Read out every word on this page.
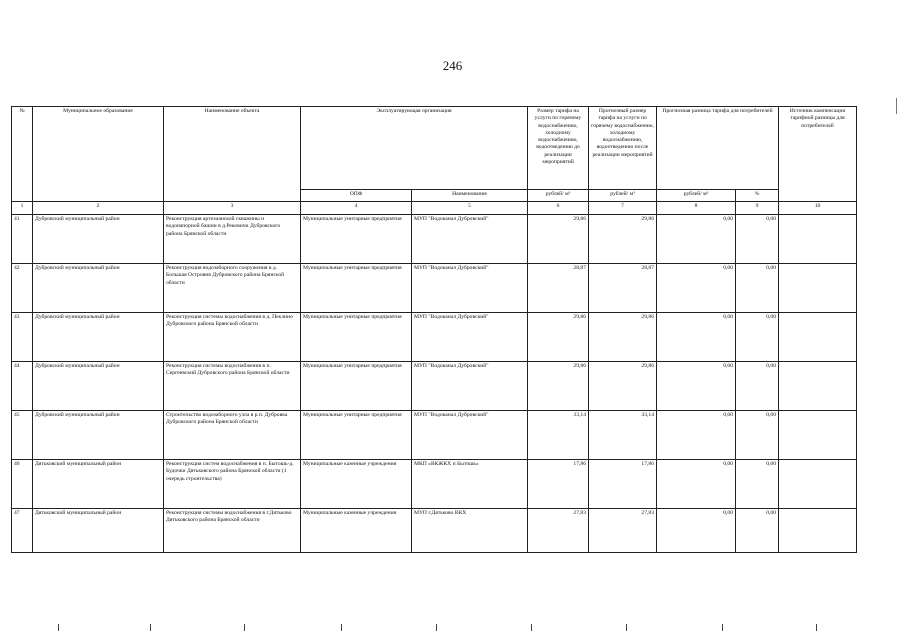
246
№	Муниципальное образование	Наименование объекта	Эксплуатирующая организация		Размер тарифа на услуги по горячему водоснабжению, холодному водоснабжению, водоотведению до реализации мероприятий	Прогнозный размер тарифа на услуги по горячему водоснабжению, холодному водоснабжению, водоотведению после реализации мероприятий	Прогнозная разница тарифа для потребителей		Источник компенсации тарифной разницы для потребителей
			ОПФ	Наименование	рублей/ м³	рублей/ м³	рублей/ м³	%	
1	2	3	4	5	6	7	8	9	10
41	Дубровский муниципальный район	Реконструкция артезианской скважины и водонапорной башни в д.Рековичи Дубровского района Брянской области	Муниципальные унитарные предприятия	МУП "Водоканал Дубровский"	29,86	29,86	0,00	0,00	
42	Дубровский муниципальный район	Реконструкция водозаборного сооружения в д. Большая Островня Дубровского района Брянской области	Муниципальные унитарные предприятия	МУП "Водоканал Дубровский"	28,87	28,87	0,00	0,00	
43	Дубровский муниципальный район	Реконструкция системы водоснабжения в д. Пеклино Дубровского района Брянской области	Муниципальные унитарные предприятия	МУП "Водоканал Дубровский"	29,86	29,86	0,00	0,00	
44	Дубровский муниципальный район	Реконструкция системы водоснабжения в п. Сергеевский Дубровского района Брянской области	Муниципальные унитарные предприятия	МУП "Водоканал Дубровский"	29,86	29,86	0,00	0,00	
45	Дубровский муниципальный район	Строительство водозаборного узла в р.п. Дубровка Дубровского района Брянской области	Муниципальные унитарные предприятия	МУП "Водоканал Дубровский"	33,14	33,14	0,00	0,00	
46	Дятьковский муниципальный район	Реконструкция систем водоснабжения в п. Бытошь-д. Будочки Дятьковского района Брянской области (1 очередь строительства)	Муниципальные казенные учреждения	МКП «ВКЖКХ п Бытошь»	17,86	17,86	0,00	0,00	
47	Дятьковский муниципальный район	Реконструкция системы водоснабжения в г.Дятьково Дятьковского района Брянской области	Муниципальные казенные учреждения	МУП г.Дятьково ВКХ	27,83	27,83	0,00	0,00	
